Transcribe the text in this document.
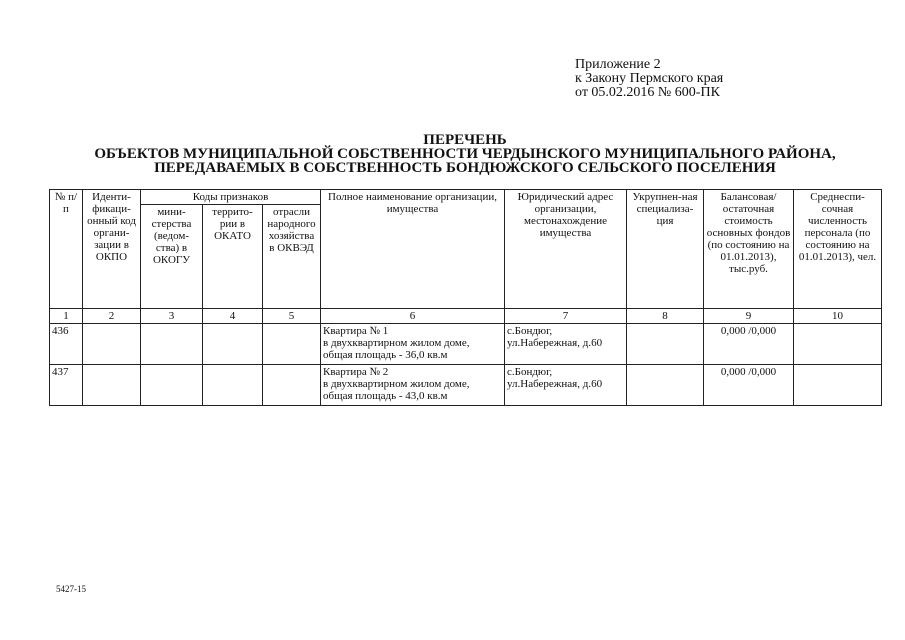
Приложение 2
к Закону Пермского края
от 05.02.2016 № 600-ПК
ПЕРЕЧЕНЬ
ОБЪЕКТОВ МУНИЦИПАЛЬНОЙ СОБСТВЕННОСТИ ЧЕРДЫНСКОГО МУНИЦИПАЛЬНОГО РАЙОНА,
ПЕРЕДАВАЕМЫХ В СОБСТВЕННОСТЬ БОНДЮЖСКОГО СЕЛЬСКОГО ПОСЕЛЕНИЯ
№ п/п	Иденти-фикаци-онный код органи-зации в ОКПО	Коды признаков			Полное наименование организации, имущества	Юридический адрес организации, местонахождение имущества	Укрупнен-ная специализа-ция	Балансовая/ остаточная стоимость основных фондов (по состоянию на 01.01.2013), тыс.руб.	Среднеспи-сочная численность персонала (по состоянию на 01.01.2013), чел.
		мини-стерства (ведом-ства) в ОКОГУ	террито-рии в ОКАТО	отрасли народного хозяйства в ОКВЭД					
1	2	3	4	5	6	7	8	9	10
436					Квартира № 1
в двухквартирном жилом доме,
общая площадь - 36,0 кв.м	с.Бондюг,
ул.Набережная, д.60		0,000 /0,000	
437					Квартира № 2
в двухквартирном жилом доме,
общая площадь - 43,0 кв.м	с.Бондюг,
ул.Набережная, д.60		0,000 /0,000	
5427-15
